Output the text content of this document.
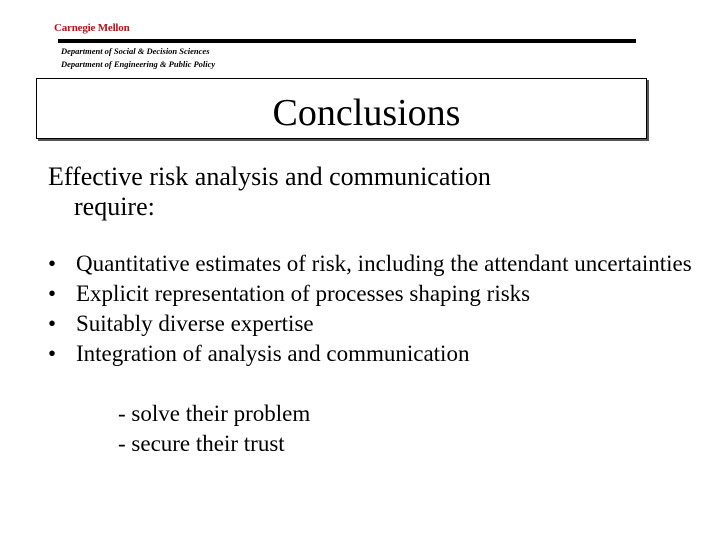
Carnegie Mellon
Department of Social & Decision Sciences
Department of Engineering & Public Policy
Conclusions
Effective risk analysis and communication
require:
• Quantitative estimates of risk, including the attendant uncertainties
• Explicit representation of processes shaping risks
• Suitably diverse expertise
• Integration of analysis and communication
- solve their problem
- secure their trust
